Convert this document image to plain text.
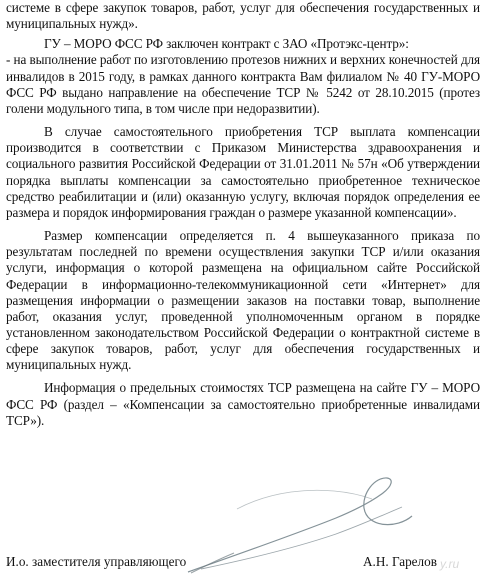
системе в сфере закупок товаров, работ, услуг для обеспечения государственных и муниципальных нужд».

ГУ – МОРО ФСС РФ заключен контракт с ЗАО «Протэкс-центр»:

- на выполнение работ по изготовлению протезов нижних и верхних конечностей для инвалидов в 2015 году, в рамках данного контракта Вам филиалом № 40 ГУ-МОРО ФСС РФ выдано направление на обеспечение ТСР № 5242 от 28.10.2015 (протез голени модульного типа, в том числе при недоразвитии).

В случае самостоятельного приобретения ТСР выплата компенсации производится в соответствии с Приказом Министерства здравоохранения и социального развития Российской Федерации от 31.01.2011 № 57н «Об утверждении порядка выплаты компенсации за самостоятельно приобретенное техническое средство реабилитации и (или) оказанную услугу, включая порядок определения ее размера и порядок информирования граждан о размере указанной компенсации».

Размер компенсации определяется п. 4 вышеуказанного приказа по результатам последней по времени осуществления закупки ТСР и/или оказания услуги, информация о которой размещена на официальном сайте Российской Федерации в информационно-телекоммуникационной сети «Интернет» для размещения информации о размещении заказов на поставки товар, выполнение работ, оказания услуг, проведенной уполномоченным органом в порядке установленном законодательством Российской Федерации о контрактной системе в сфере закупок товаров, работ, услуг для обеспечения государственных и муниципальных нужд.

Информация о предельных стоимостях ТСР размещена на сайте ГУ – МОРО ФСС РФ (раздел – «Компенсации за самостоятельно приобретенные инвалидами ТСР»).

И.о. заместителя управляющего	А.Н. Гарелов y.ru
